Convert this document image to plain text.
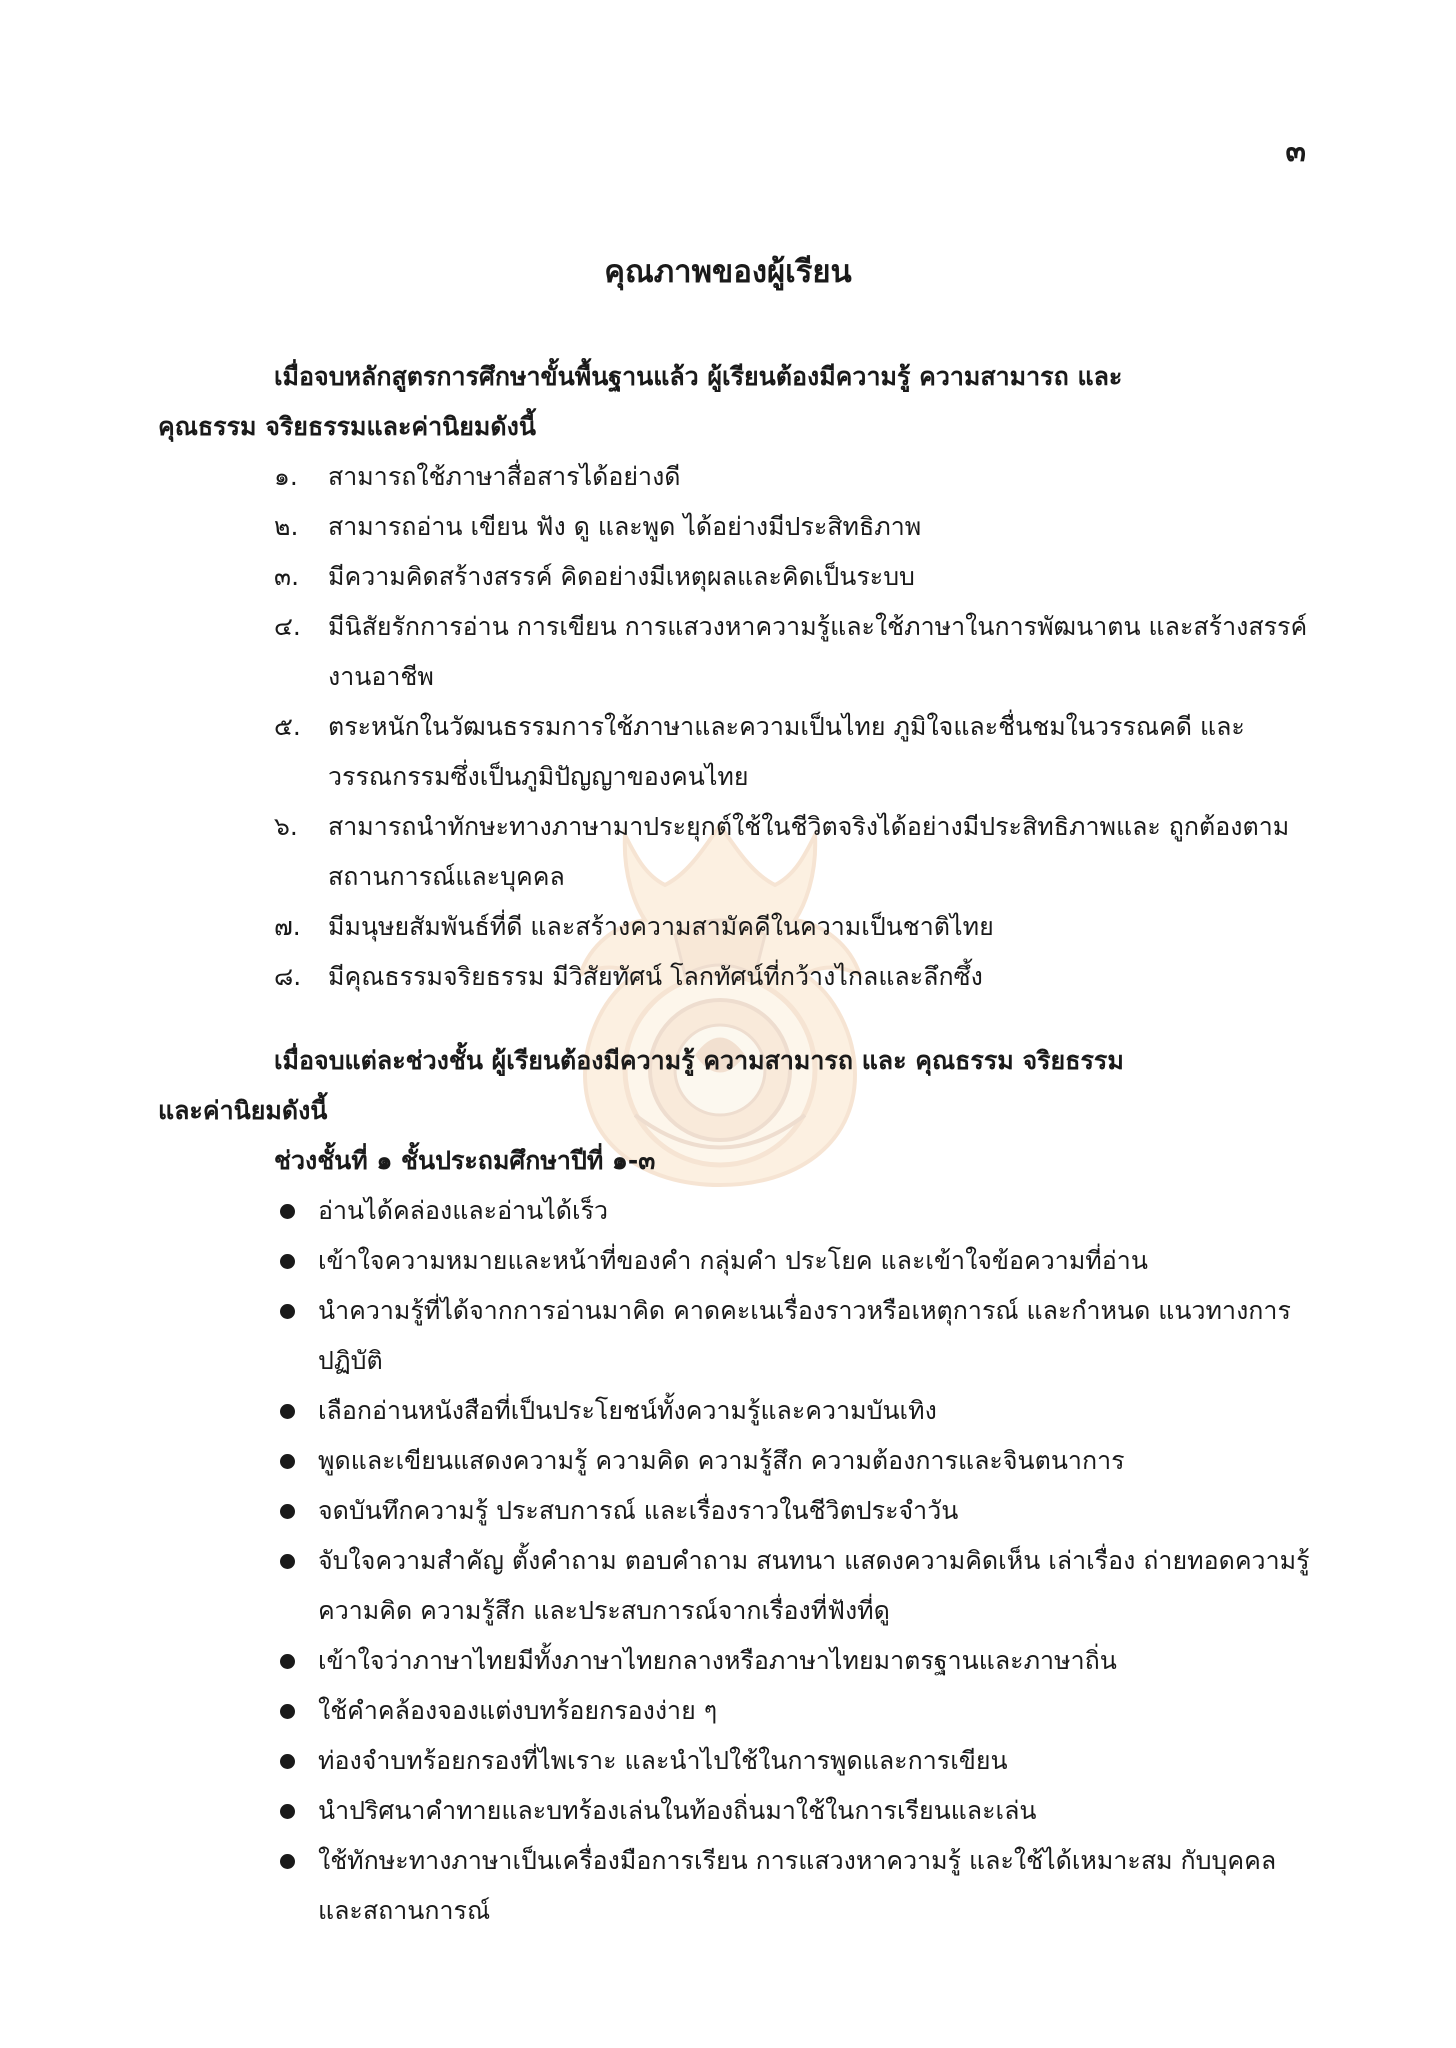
๓
คุณภาพของผู้เรียน

เมื่อจบหลักสูตรการศึกษาขั้นพื้นฐานแล้ว ผู้เรียนต้องมีความรู้ ความสามารถ และ
คุณธรรม จริยธรรมและค่านิยมดังนี้

๑.	สามารถใช้ภาษาสื่อสารได้อย่างดี
๒.	สามารถอ่าน เขียน ฟัง ดู และพูด ได้อย่างมีประสิทธิภาพ
๓.	มีความคิดสร้างสรรค์ คิดอย่างมีเหตุผลและคิดเป็นระบบ
๔.	มีนิสัยรักการอ่าน การเขียน การแสวงหาความรู้และใช้ภาษาในการพัฒนาตน และสร้างสรรค์งานอาชีพ
๕.	ตระหนักในวัฒนธรรมการใช้ภาษาและความเป็นไทย ภูมิใจและชื่นชมในวรรณคดี และวรรณกรรมซึ่งเป็นภูมิปัญญาของคนไทย
๖.	สามารถนำทักษะทางภาษามาประยุกต์ใช้ในชีวิตจริงได้อย่างมีประสิทธิภาพและ ถูกต้องตามสถานการณ์และบุคคล
๗.	มีมนุษยสัมพันธ์ที่ดี และสร้างความสามัคคีในความเป็นชาติไทย
๘.	มีคุณธรรมจริยธรรม มีวิสัยทัศน์ โลกทัศน์ที่กว้างไกลและลึกซึ้ง

เมื่อจบแต่ละช่วงชั้น ผู้เรียนต้องมีความรู้ ความสามารถ และ คุณธรรม จริยธรรม
และค่านิยมดังนี้

ช่วงชั้นที่ ๑ ชั้นประถมศึกษาปีที่ ๑-๓

อ่านได้คล่องและอ่านได้เร็ว
เข้าใจความหมายและหน้าที่ของคำ กลุ่มคำ ประโยค และเข้าใจข้อความที่อ่าน
นำความรู้ที่ได้จากการอ่านมาคิด คาดคะเนเรื่องราวหรือเหตุการณ์ และกำหนด แนวทางการปฏิบัติ
เลือกอ่านหนังสือที่เป็นประโยชน์ทั้งความรู้และความบันเทิง
พูดและเขียนแสดงความรู้ ความคิด ความรู้สึก ความต้องการและจินตนาการ
จดบันทึกความรู้ ประสบการณ์ และเรื่องราวในชีวิตประจำวัน
จับใจความสำคัญ ตั้งคำถาม ตอบคำถาม สนทนา แสดงความคิดเห็น เล่าเรื่อง ถ่ายทอดความรู้ ความคิด ความรู้สึก และประสบการณ์จากเรื่องที่ฟังที่ดู
เข้าใจว่าภาษาไทยมีทั้งภาษาไทยกลางหรือภาษาไทยมาตรฐานและภาษาถิ่น
ใช้คำคล้องจองแต่งบทร้อยกรองง่าย ๆ
ท่องจำบทร้อยกรองที่ไพเราะ และนำไปใช้ในการพูดและการเขียน
นำปริศนาคำทายและบทร้องเล่นในท้องถิ่นมาใช้ในการเรียนและเล่น
ใช้ทักษะทางภาษาเป็นเครื่องมือการเรียน การแสวงหาความรู้ และใช้ได้เหมาะสม กับบุคคลและสถานการณ์
